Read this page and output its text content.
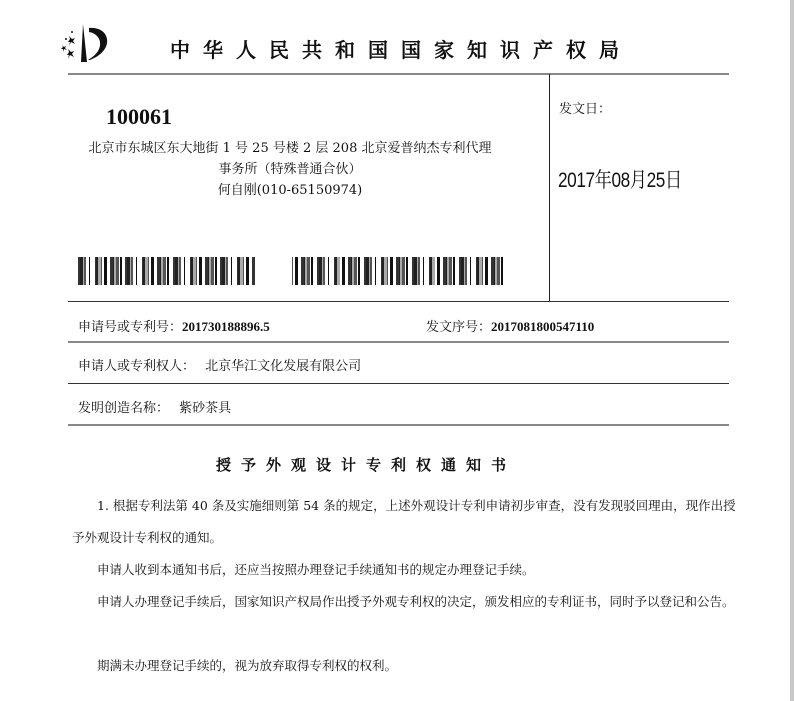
中华人民共和国国家知识产权局
100061
北京市东城区东大地街 1 号 25 号楼 2 层 208 北京爱普纳杰专利代理
事务所（特殊普通合伙）
何自刚(010-65150974)
发文日：
2017年08月25日
申请号或专利号：201730188896.5	发文序号：2017081800547110
申请人或专利权人： 北京华江文化发展有限公司
发明创造名称： 紫砂茶具
授予外观设计专利权通知书
1. 根据专利法第 40 条及实施细则第 54 条的规定，上述外观设计专利申请初步审查，没有发现驳回理由，现作出授予外观设计专利权的通知。
申请人收到本通知书后，还应当按照办理登记手续通知书的规定办理登记手续。
申请人办理登记手续后，国家知识产权局作出授予外观专利权的决定，颁发相应的专利证书，同时予以登记和公告。
期满未办理登记手续的，视为放弃取得专利权的权利。
